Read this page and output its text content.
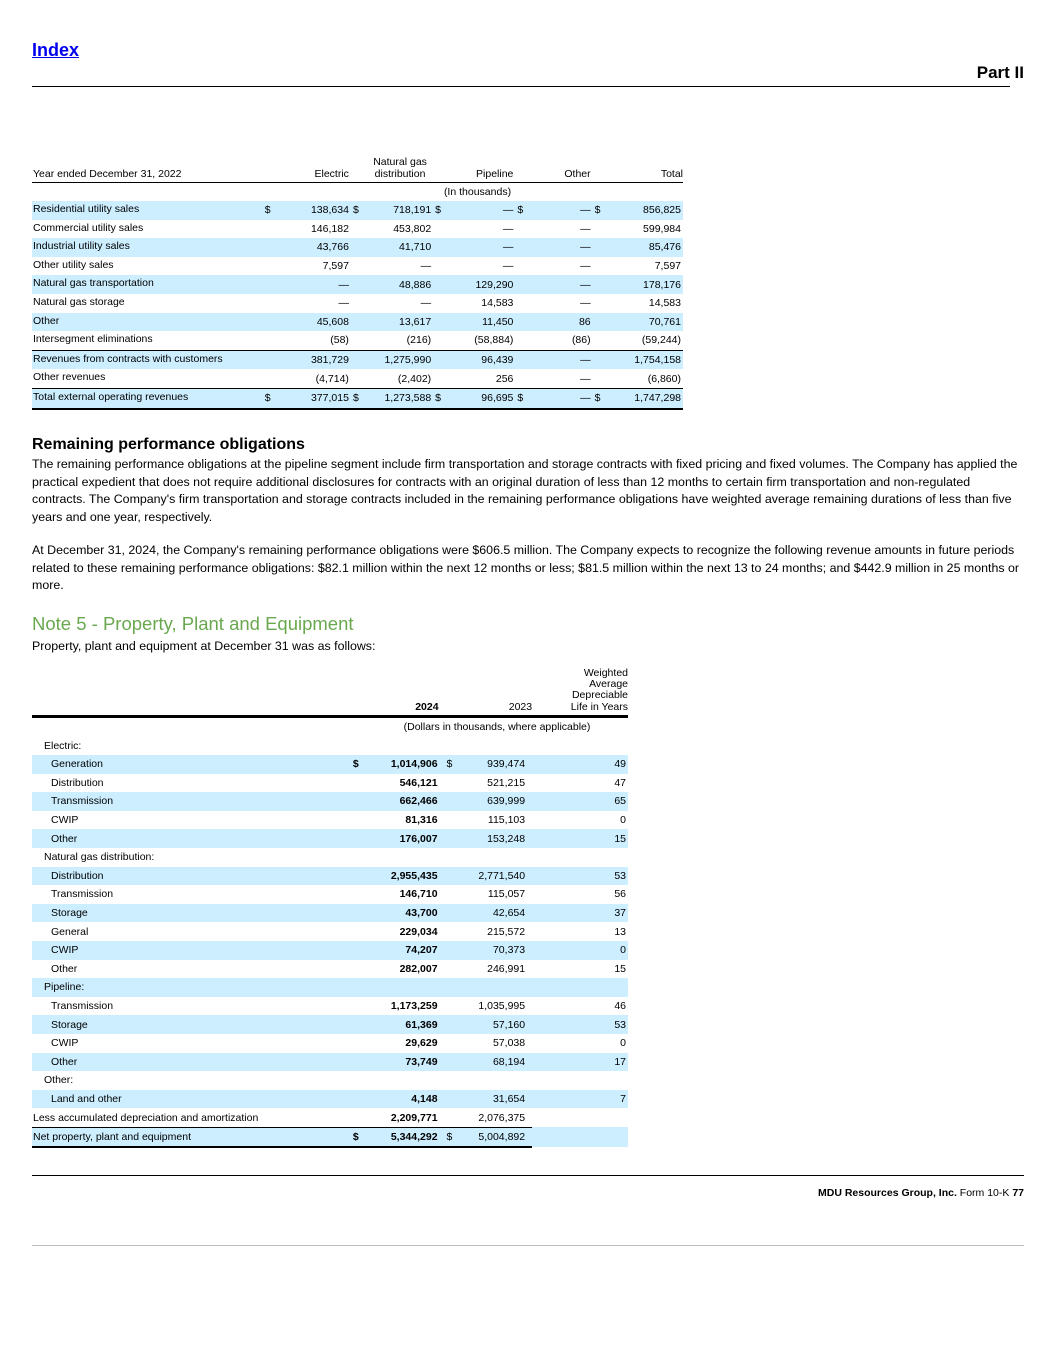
Index
Part II
Year ended December 31, 2022		Electric		Natural gas distribution		Pipeline		Other		Total
(In thousands)										
Residential utility sales	$	138,634	$	718,191	$	—	$	—	$	856,825
Commercial utility sales		146,182		453,802		—		—		599,984
Industrial utility sales		43,766		41,710		—		—		85,476
Other utility sales		7,597		—		—		—		7,597
Natural gas transportation		—		48,886		129,290		—		178,176
Natural gas storage		—		—		14,583		—		14,583
Other		45,608		13,617		11,450		86		70,761
Intersegment eliminations		(58)		(216)		(58,884)		(86)		(59,244)
Revenues from contracts with customers		381,729		1,275,990		96,439		—		1,754,158
Other revenues		(4,714)		(2,402)		256		—		(6,860)
Total external operating revenues	$	377,015	$	1,273,588	$	96,695	$	—	$	1,747,298
Remaining performance obligations
The remaining performance obligations at the pipeline segment include firm transportation and storage contracts with fixed pricing and fixed volumes. The Company has applied the practical expedient that does not require additional disclosures for contracts with an original duration of less than 12 months to certain firm transportation and non-regulated contracts. The Company's firm transportation and storage contracts included in the remaining performance obligations have weighted average remaining durations of less than five years and one year, respectively.
At December 31, 2024, the Company's remaining performance obligations were $606.5 million. The Company expects to recognize the following revenue amounts in future periods related to these remaining performance obligations: $82.1 million within the next 12 months or less; $81.5 million within the next 13 to 24 months; and $442.9 million in 25 months or more.
Note 5 - Property, Plant and Equipment
Property, plant and equipment at December 31 was as follows:
		2024		2023	Weighted Average Depreciable Life in Years
(Dollars in thousands, where applicable)					
Electric:					
Generation	$	1,014,906	$	939,474	49
Distribution		546,121		521,215	47
Transmission		662,466		639,999	65
CWIP		81,316		115,103	0
Other		176,007		153,248	15
Natural gas distribution:					
Distribution		2,955,435		2,771,540	53
Transmission		146,710		115,057	56
Storage		43,700		42,654	37
General		229,034		215,572	13
CWIP		74,207		70,373	0
Other		282,007		246,991	15
Pipeline:					
Transmission		1,173,259		1,035,995	46
Storage		61,369		57,160	53
CWIP		29,629		57,038	0
Other		73,749		68,194	17
Other:					
Land and other		4,148		31,654	7
Less accumulated depreciation and amortization		2,209,771		2,076,375	
Net property, plant and equipment	$	5,344,292	$	5,004,892	
MDU Resources Group, Inc. Form 10-K 77
